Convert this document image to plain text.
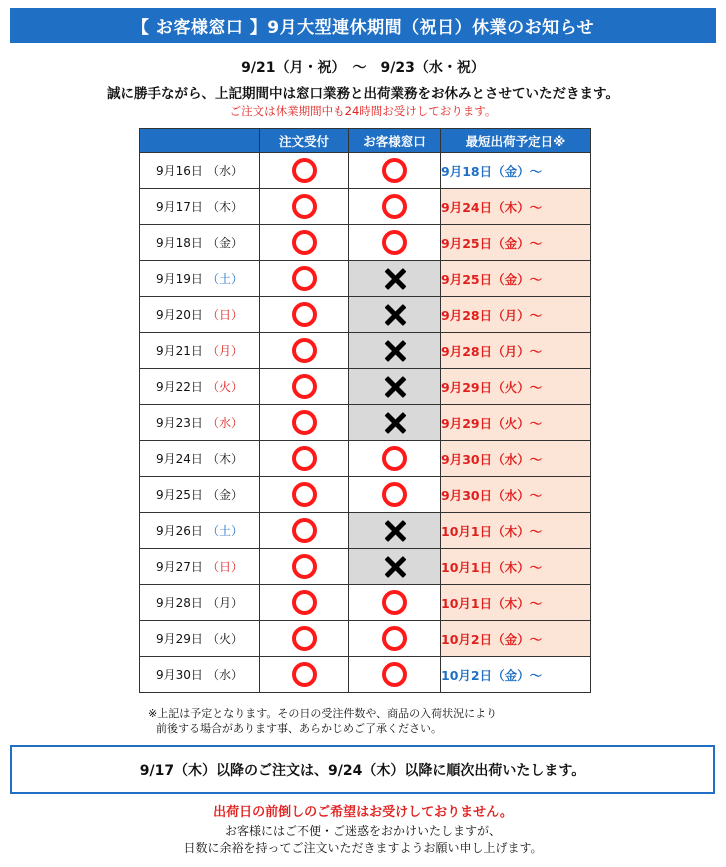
【 お客様窓口 】9月大型連休期間（祝日）休業のお知らせ
9/21（月・祝）　～　9/23（水・祝）
誠に勝手ながら、上記期間中は窓口業務と出荷業務をお休みとさせていただきます。
ご注文は休業期間中も24時間お受けしております。
	注文受付	お客様窓口	最短出荷予定日※
9月16日 （水）			9月18日（金）～
9月17日 （木）			9月24日（木）～
9月18日 （金）			9月25日（金）～
9月19日 （土）			9月25日（金）～
9月20日 （日）			9月28日（月）～
9月21日 （月）			9月28日（月）～
9月22日 （火）			9月29日（火）～
9月23日 （水）			9月29日（火）～
9月24日 （木）			9月30日（水）～
9月25日 （金）			9月30日（水）～
9月26日 （土）			10月1日（木）～
9月27日 （日）			10月1日（木）～
9月28日 （月）			10月1日（木）～
9月29日 （火）			10月2日（金）～
9月30日 （水）			10月2日（金）～
※上記は予定となります。その日の受注件数や、商品の入荷状況により
前後する場合があります事、あらかじめご了承ください。
9/17（木）以降のご注文は、9/24（木）以降に順次出荷いたします。
出荷日の前倒しのご希望はお受けしておりません。
お客様にはご不便・ご迷惑をおかけいたしますが、
日数に余裕を持ってご注文いただきますようお願い申し上げます。
